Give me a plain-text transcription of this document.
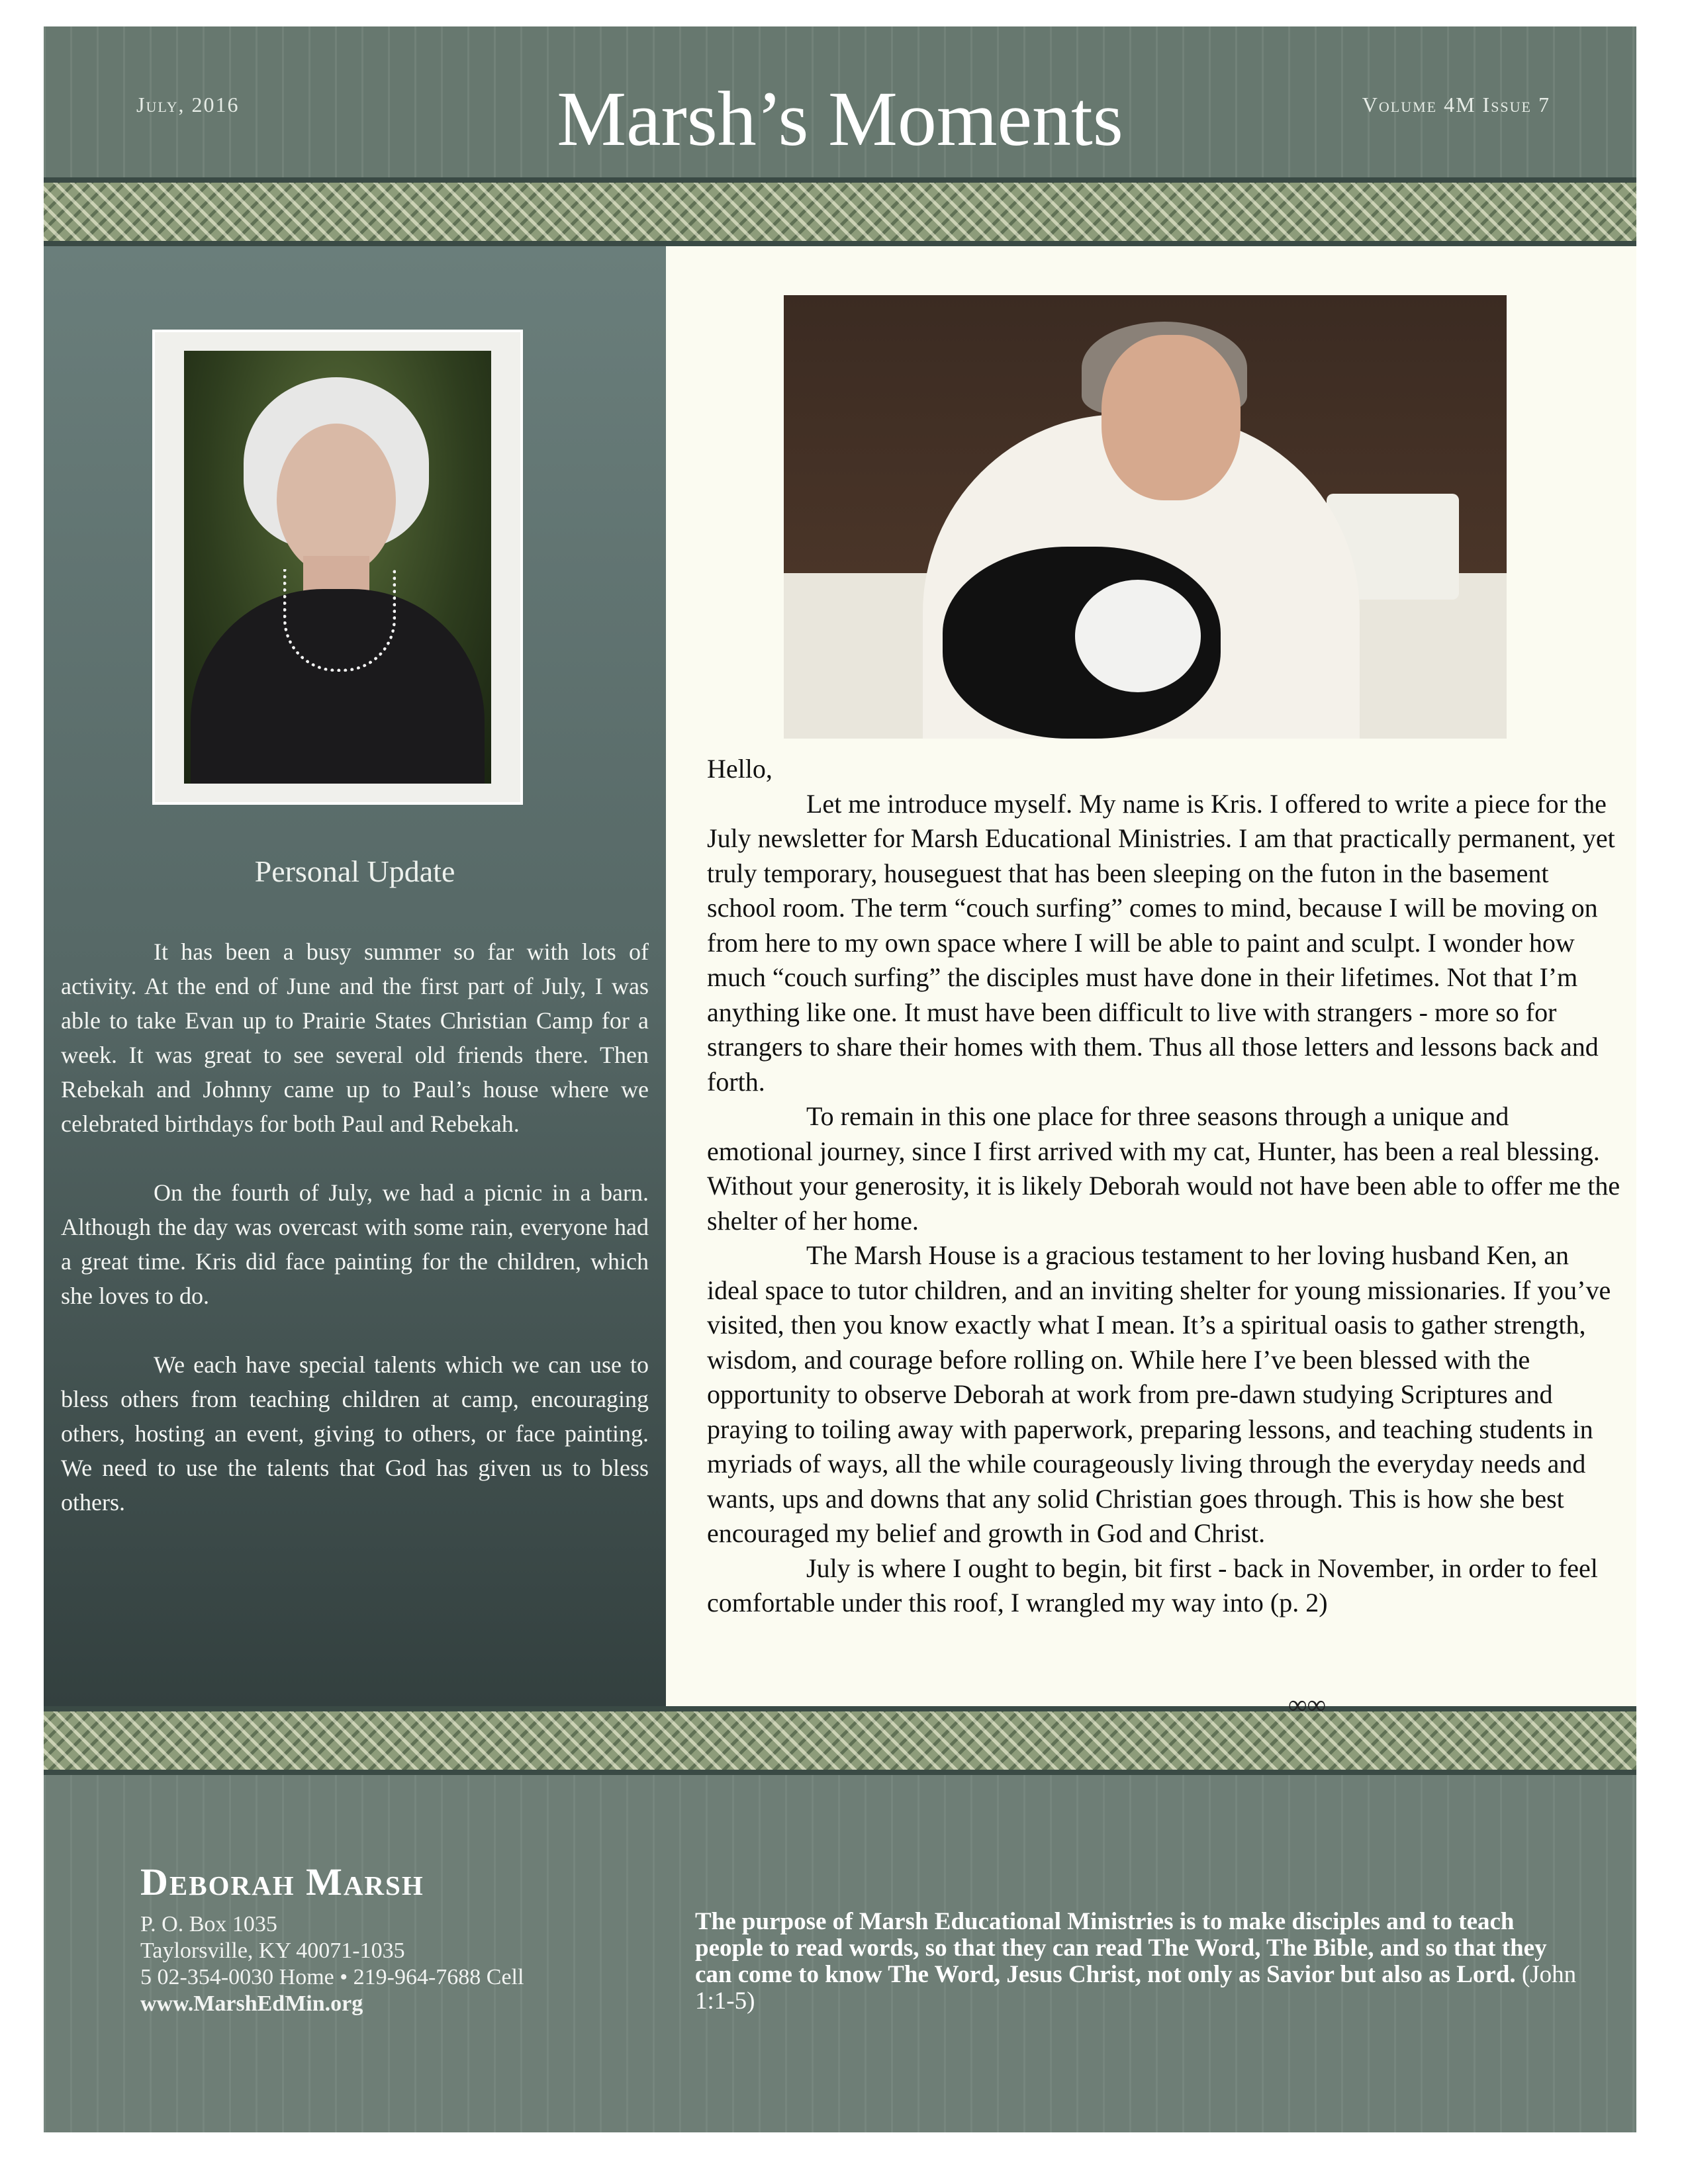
July, 2016	Marsh’s Moments	Volume 4M Issue 7
Personal Update

It has been a busy summer so far with lots of activity. At the end of June and the first part of July, I was able to take Evan up to Prairie States Christian Camp for a week. It was great to see several old friends there. Then Rebekah and Johnny came up to Paul’s house where we celebrated birthdays for both Paul and Rebekah.

On the fourth of July, we had a picnic in a barn. Although the day was overcast with some rain, everyone had a great time. Kris did face painting for the children, which she loves to do.

We each have special talents which we can use to bless others from teaching children at camp, encouraging others, hosting an event, giving to others, or face painting. We need to use the talents that God has given us to bless others.

Hello,

Let me introduce myself. My name is Kris. I offered to write a piece for the July newsletter for Marsh Educational Ministries. I am that practically permanent, yet truly temporary, houseguest that has been sleeping on the futon in the basement school room. The term “couch surfing” comes to mind, because I will be moving on from here to my own space where I will be able to paint and sculpt. I wonder how much “couch surfing” the disciples must have done in their lifetimes. Not that I’m anything like one. It must have been difficult to live with strangers - more so for strangers to share their homes with them. Thus all those letters and lessons back and forth.

To remain in this one place for three seasons through a unique and emotional journey, since I first arrived with my cat, Hunter, has been a real blessing. Without your generosity, it is likely Deborah would not have been able to offer me the shelter of her home.

The Marsh House is a gracious testament to her loving husband Ken, an ideal space to tutor children, and an inviting shelter for young missionaries. If you’ve visited, then you know exactly what I mean. It’s a spiritual oasis to gather strength, wisdom, and courage before rolling on. While here I’ve been blessed with the opportunity to observe Deborah at work from pre-dawn studying Scriptures and praying to toiling away with paperwork, preparing lessons, and teaching students in myriads of ways, all the while courageously living through the everyday needs and wants, ups and downs that any solid Christian goes through. This is how she best encouraged my belief and growth in God and Christ.

July is where I ought to begin, bit first - back in November, in order to feel comfortable under this roof, I wrangled my way into (p. 2)

∞∞
Deborah Marsh
P. O. Box 1035
Taylorsville, KY 40071-1035
5 02-354-0030 Home • 219-964-7688 Cell
www.MarshEdMin.org
The purpose of Marsh Educational Ministries is to make disciples and to teach people to read words, so that they can read The Word, The Bible, and so that they can come to know The Word, Jesus Christ, not only as Savior but also as Lord. (John 1:1-5)
